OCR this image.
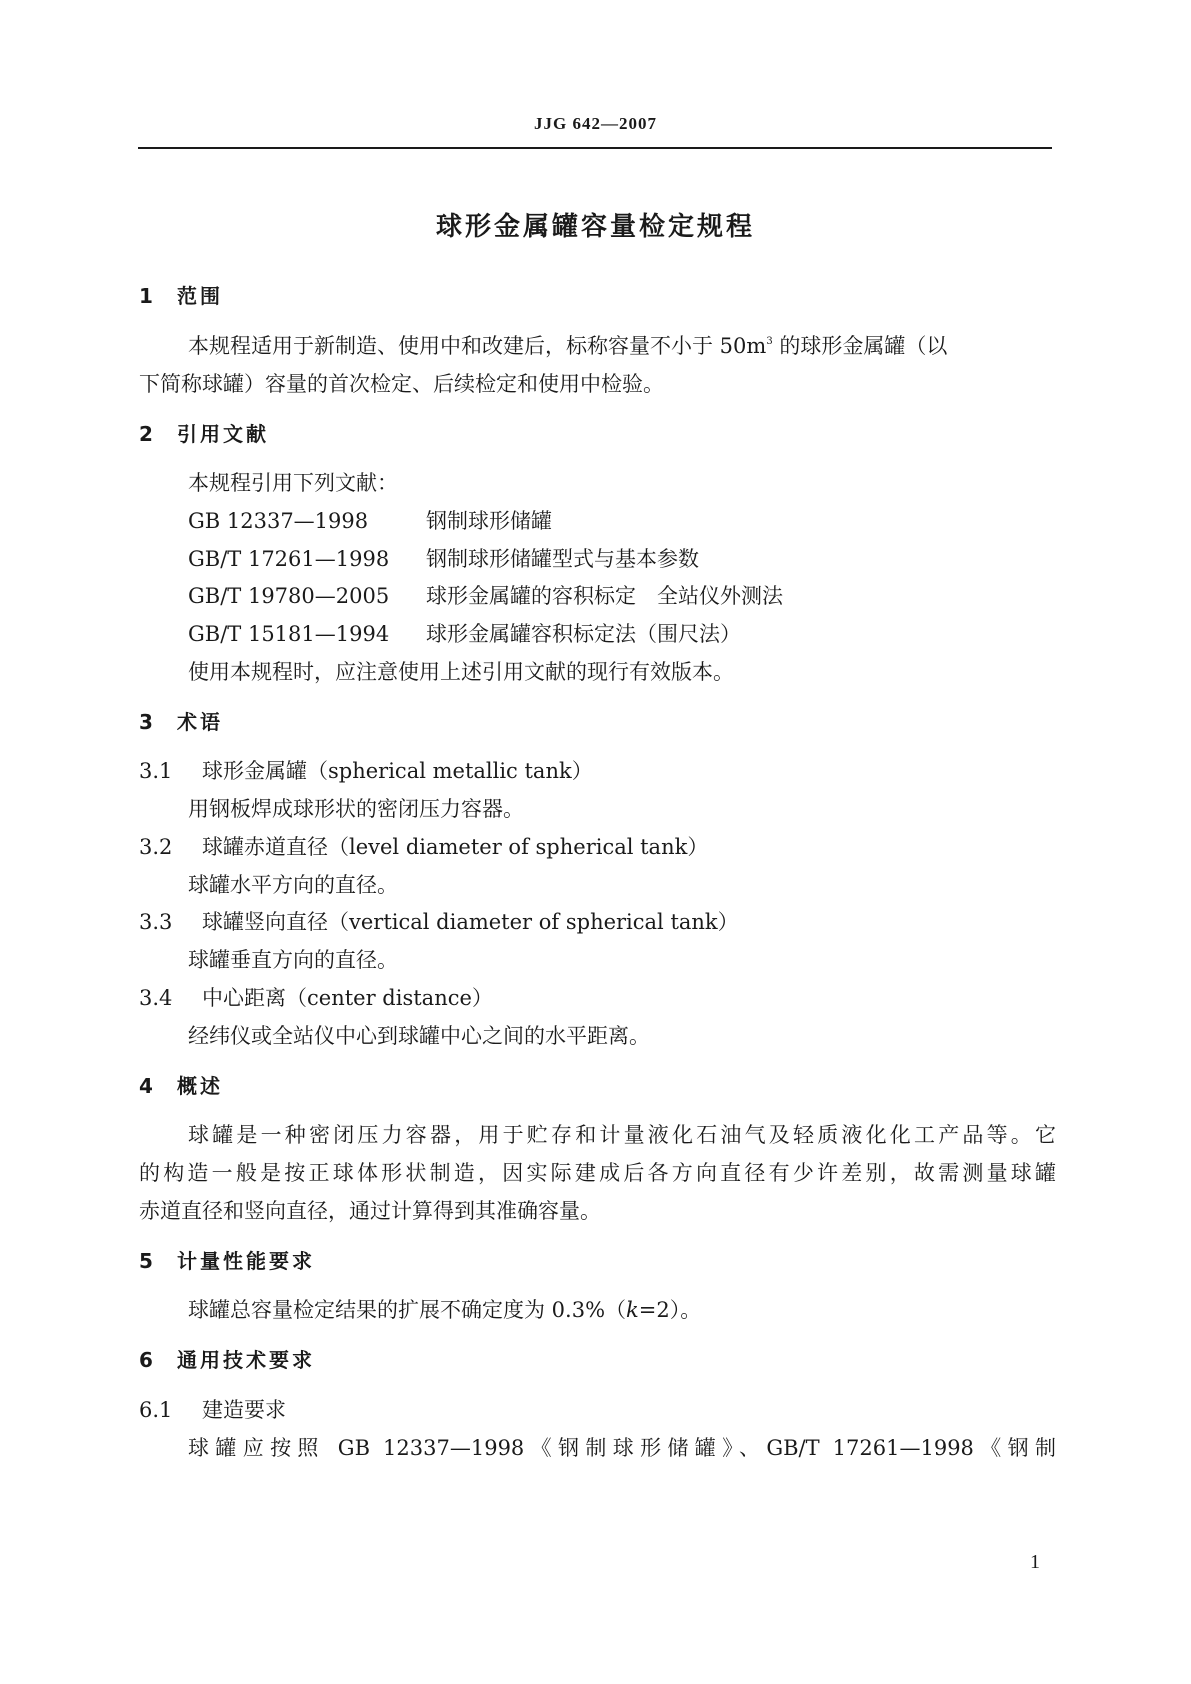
JJG 642—2007
球形金属罐容量检定规程
1 范围
本规程适用于新制造、使用中和改建后，标称容量不小于 $50m^3$ 的球形金属罐（以
下简称球罐）容量的首次检定、后续检定和使用中检验。
2 引用文献
本规程引用下列文献：
GB 12337—1998	钢制球形储罐
GB/T 17261—1998 钢制球形储罐型式与基本参数
GB/T 19780—2005 球形金属罐的容积标定　全站仪外测法
GB/T 15181—1994 球形金属罐容积标定法（围尺法）
使用本规程时，应注意使用上述引用文献的现行有效版本。
3 术语
3.1 球形金属罐（spherical metallic tank）
用钢板焊成球形状的密闭压力容器。
3.2 球罐赤道直径（level diameter of spherical tank）
球罐水平方向的直径。
3.3 球罐竖向直径（vertical diameter of spherical tank）
球罐垂直方向的直径。
3.4 中心距离（center distance）
经纬仪或全站仪中心到球罐中心之间的水平距离。
4 概述
球罐是一种密闭压力容器，用于贮存和计量液化石油气及轻质液化化工产品等。它
的构造一般是按正球体形状制造，因实际建成后各方向直径有少许差别，故需测量球罐
赤道直径和竖向直径，通过计算得到其准确容量。
5 计量性能要求
球罐总容量检定结果的扩展不确定度为 0.3%（k=2）。
6 通用技术要求
6.1 建造要求
球罐应按照 GB 12337—1998《钢制球形储罐》、GB/T 17261—1998《钢制
1
